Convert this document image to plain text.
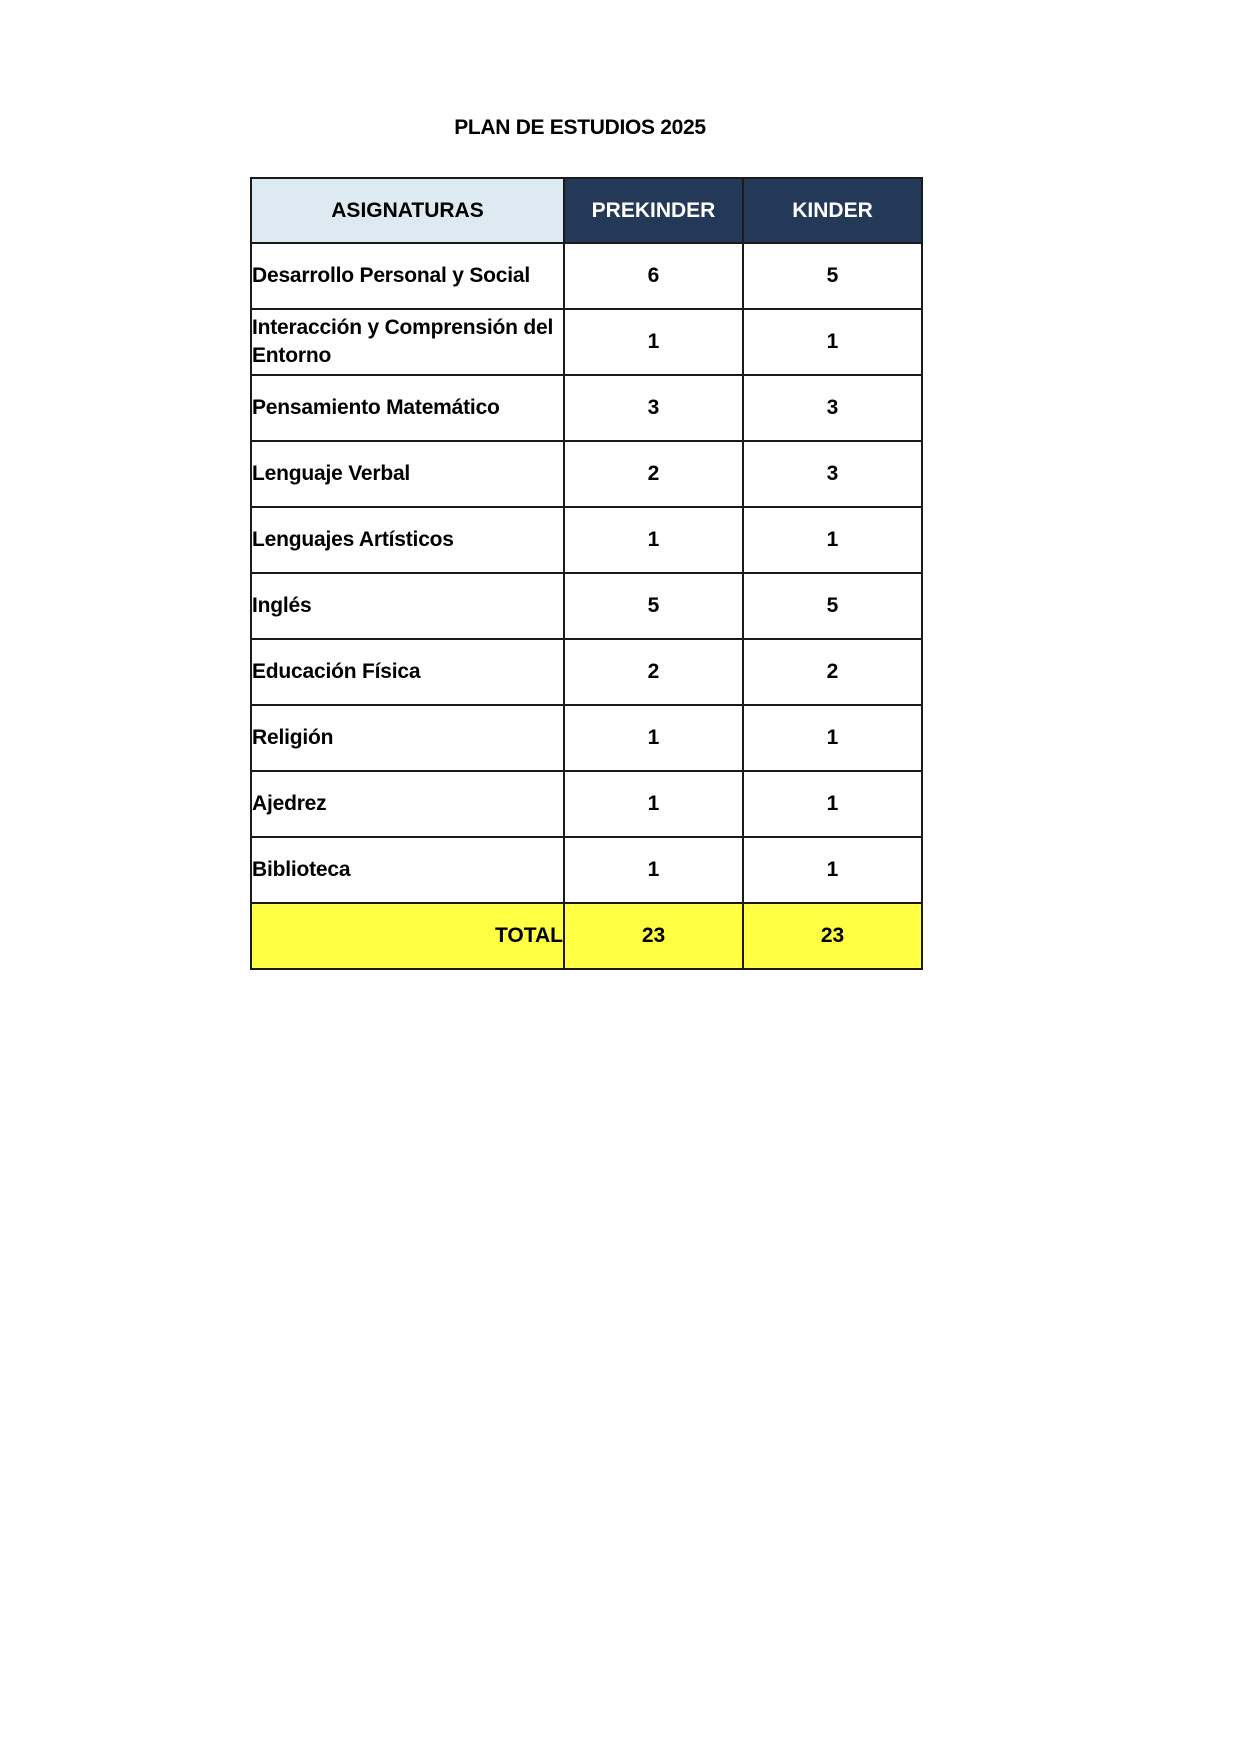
PLAN DE ESTUDIOS 2025
ASIGNATURAS	PREKINDER	KINDER
Desarrollo Personal y Social	6	5
Interacción y Comprensión del Entorno	1	1
Pensamiento Matemático	3	3
Lenguaje Verbal	2	3
Lenguajes Artísticos	1	1
Inglés	5	5
Educación Física	2	2
Religión	1	1
Ajedrez	1	1
Biblioteca	1	1
TOTAL	23	23
